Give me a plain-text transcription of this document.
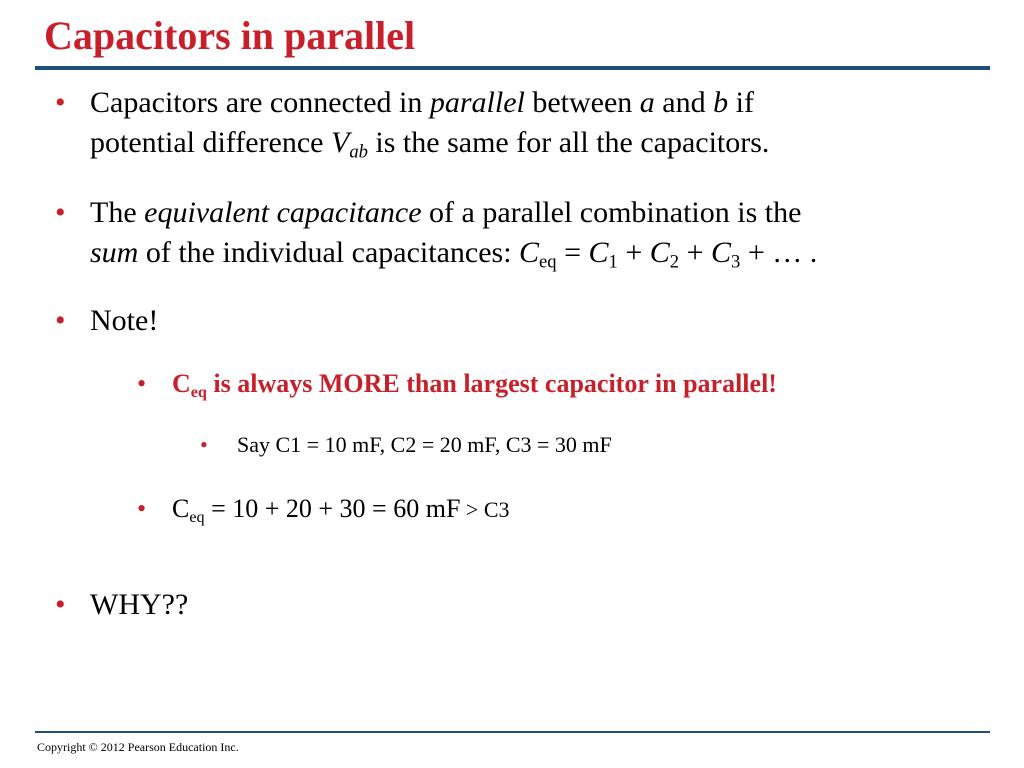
Capacitors in parallel
• Capacitors are connected in parallel between a and b if
potential difference $V_{ab}$ is the same for all the capacitors.
• The equivalent capacitance of a parallel combination is the
sum of the individual capacitances: $C_{eq} = C_1 + C_2 + C_3$ + … .
• Note!
• $C_{eq}$ is always MORE than largest capacitor in parallel!
• Say C1 = 10 mF, C2 = 20 mF, C3 = 30 mF
• $C_{eq} = 10 + 20 + 30 = 60$ mF > C3
• WHY??
Copyright © 2012 Pearson Education Inc.
